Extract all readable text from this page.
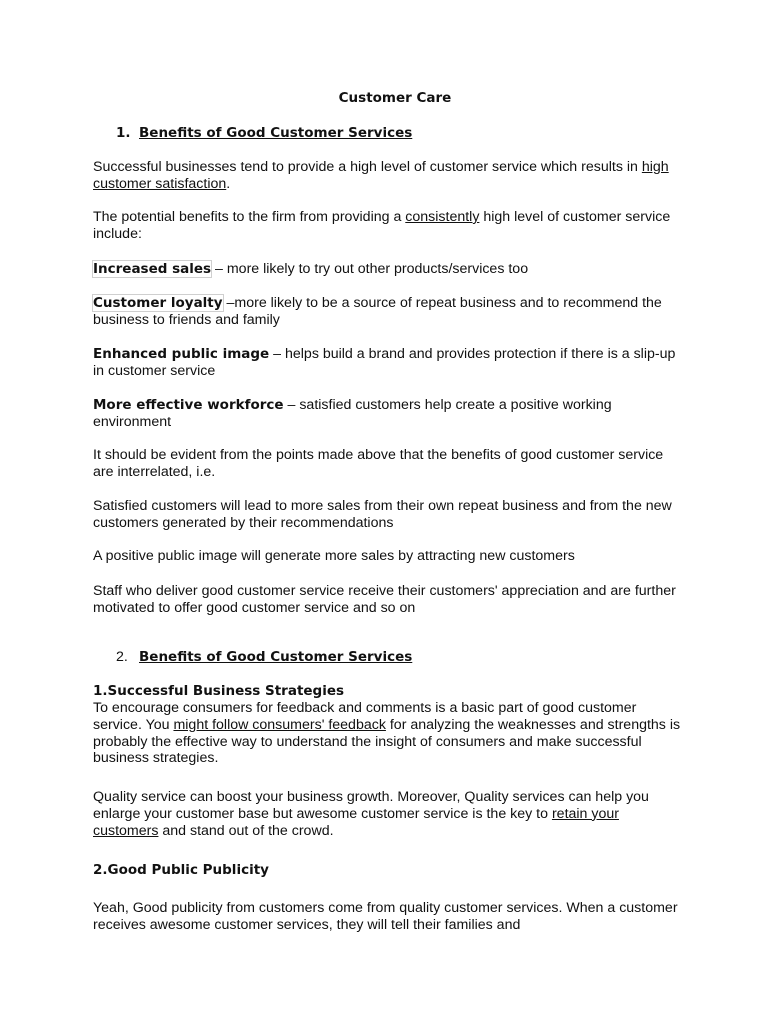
Customer Care
1. Benefits of Good Customer Services

Successful businesses tend to provide a high level of customer service which results in high customer satisfaction.

The potential benefits to the firm from providing a consistently high level of customer service include:

Increased sales – more likely to try out other products/services too

Customer loyalty –more likely to be a source of repeat business and to recommend the business to friends and family

Enhanced public image – helps build a brand and provides protection if there is a slip-up in customer service

More effective workforce – satisfied customers help create a positive working environment

It should be evident from the points made above that the benefits of good customer service are interrelated, i.e.

Satisfied customers will lead to more sales from their own repeat business and from the new customers generated by their recommendations

A positive public image will generate more sales by attracting new customers

Staff who deliver good customer service receive their customers' appreciation and are further motivated to offer good customer service and so on

2. Benefits of Good Customer Services
1.Successful Business Strategies

To encourage consumers for feedback and comments is a basic part of good customer service. You might follow consumers' feedback for analyzing the weaknesses and strengths is probably the effective way to understand the insight of consumers and make successful business strategies.

Quality service can boost your business growth. Moreover, Quality services can help you enlarge your customer base but awesome customer service is the key to retain your customers and stand out of the crowd.

2.Good Public Publicity

Yeah, Good publicity from customers come from quality customer services. When a customer receives awesome customer services, they will tell their families and
